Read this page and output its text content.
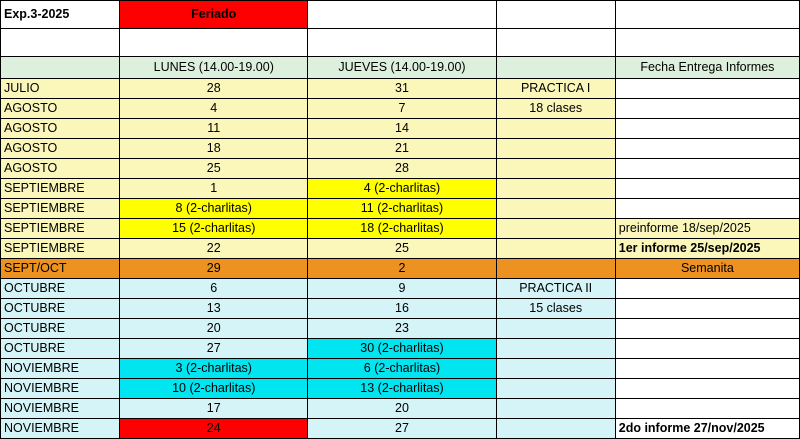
Exp.3-2025	Feriado			

	LUNES (14.00-19.00)	JUEVES (14.00-19.00)		Fecha Entrega Informes
JULIO	28	31	PRACTICA I	
AGOSTO	4	7	18 clases	
AGOSTO	11	14		
AGOSTO	18	21		
AGOSTO	25	28		
SEPTIEMBRE	1	4 (2-charlitas)		
SEPTIEMBRE	8 (2-charlitas)	11 (2-charlitas)		
SEPTIEMBRE	15 (2-charlitas)	18 (2-charlitas)		preinforme 18/sep/2025
SEPTIEMBRE	22	25		1er informe 25/sep/2025
SEPT/OCT	29	2		Semanita
OCTUBRE	6	9	PRACTICA II	
OCTUBRE	13	16	15 clases	
OCTUBRE	20	23		
OCTUBRE	27	30 (2-charlitas)		
NOVIEMBRE	3 (2-charlitas)	6 (2-charlitas)		
NOVIEMBRE	10 (2-charlitas)	13 (2-charlitas)		
NOVIEMBRE	17	20		
NOVIEMBRE	24	27		2do informe 27/nov/2025
